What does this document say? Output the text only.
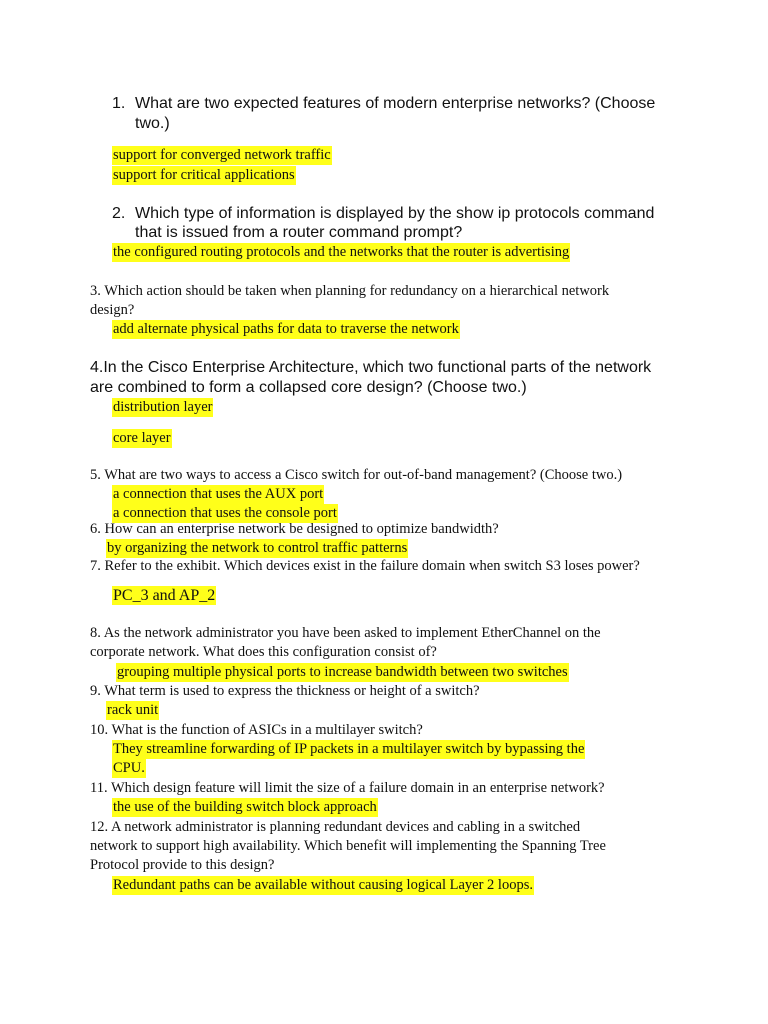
1. What are two expected features of modern enterprise networks? (Choose
two.)
support for converged network traffic
support for critical applications
2. Which type of information is displayed by the show ip protocols command
that is issued from a router command prompt?
the configured routing protocols and the networks that the router is advertising
3. Which action should be taken when planning for redundancy on a hierarchical network
design?
add alternate physical paths for data to traverse the network
4.In the Cisco Enterprise Architecture, which two functional parts of the network
are combined to form a collapsed core design? (Choose two.)
distribution layer
core layer
5. What are two ways to access a Cisco switch for out-of-band management? (Choose two.)
a connection that uses the AUX port
a connection that uses the console port
6. How can an enterprise network be designed to optimize bandwidth?
by organizing the network to control traffic patterns
7. Refer to the exhibit. Which devices exist in the failure domain when switch S3 loses power?
PC_3 and AP_2
8. As the network administrator you have been asked to implement EtherChannel on the
corporate network. What does this configuration consist of?
grouping multiple physical ports to increase bandwidth between two switches
9. What term is used to express the thickness or height of a switch?
rack unit
10. What is the function of ASICs in a multilayer switch?
They streamline forwarding of IP packets in a multilayer switch by bypassing the
CPU.
11. Which design feature will limit the size of a failure domain in an enterprise network?
the use of the building switch block approach
12. A network administrator is planning redundant devices and cabling in a switched
network to support high availability. Which benefit will implementing the Spanning Tree
Protocol provide to this design?
Redundant paths can be available without causing logical Layer 2 loops.
